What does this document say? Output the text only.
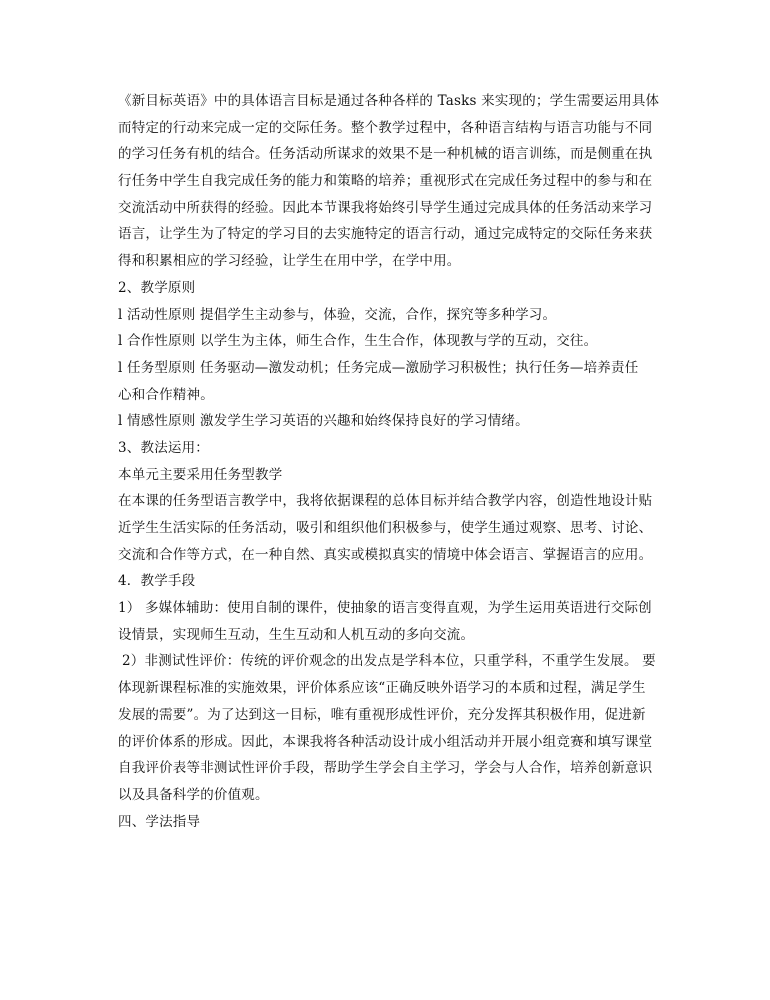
《新目标英语》中的具体语言目标是通过各种各样的 Tasks 来实现的；学生需要运用具体
而特定的行动来完成一定的交际任务。整个教学过程中，各种语言结构与语言功能与不同
的学习任务有机的结合。任务活动所谋求的效果不是一种机械的语言训练，而是侧重在执
行任务中学生自我完成任务的能力和策略的培养；重视形式在完成任务过程中的参与和在
交流活动中所获得的经验。因此本节课我将始终引导学生通过完成具体的任务活动来学习
语言，让学生为了特定的学习目的去实施特定的语言行动，通过完成特定的交际任务来获
得和积累相应的学习经验，让学生在用中学，在学中用。
2、教学原则
l 活动性原则 提倡学生主动参与，体验，交流，合作，探究等多种学习。
l 合作性原则 以学生为主体，师生合作，生生合作，体现教与学的互动，交往。
l 任务型原则 任务驱动—激发动机；任务完成—激励学习积极性；执行任务—培养责任
心和合作精神。
l 情感性原则 激发学生学习英语的兴趣和始终保持良好的学习情绪。
3、教法运用：
本单元主要采用任务型教学
在本课的任务型语言教学中，我将依据课程的总体目标并结合教学内容，创造性地设计贴
近学生生活实际的任务活动，吸引和组织他们积极参与，使学生通过观察、思考、讨论、
交流和合作等方式，在一种自然、真实或模拟真实的情境中体会语言、掌握语言的应用。
4．教学手段
1） 多媒体辅助：使用自制的课件，使抽象的语言变得直观，为学生运用英语进行交际创
设情景，实现师生互动，生生互动和人机互动的多向交流。
2）非测试性评价：传统的评价观念的出发点是学科本位，只重学科，不重学生发展。 要
体现新课程标准的实施效果，评价体系应该“正确反映外语学习的本质和过程，满足学生
发展的需要”。为了达到这一目标，唯有重视形成性评价，充分发挥其积极作用，促进新
的评价体系的形成。因此，本课我将各种活动设计成小组活动并开展小组竞赛和填写课堂
自我评价表等非测试性评价手段，帮助学生学会自主学习，学会与人合作，培养创新意识
以及具备科学的价值观。
四、学法指导
